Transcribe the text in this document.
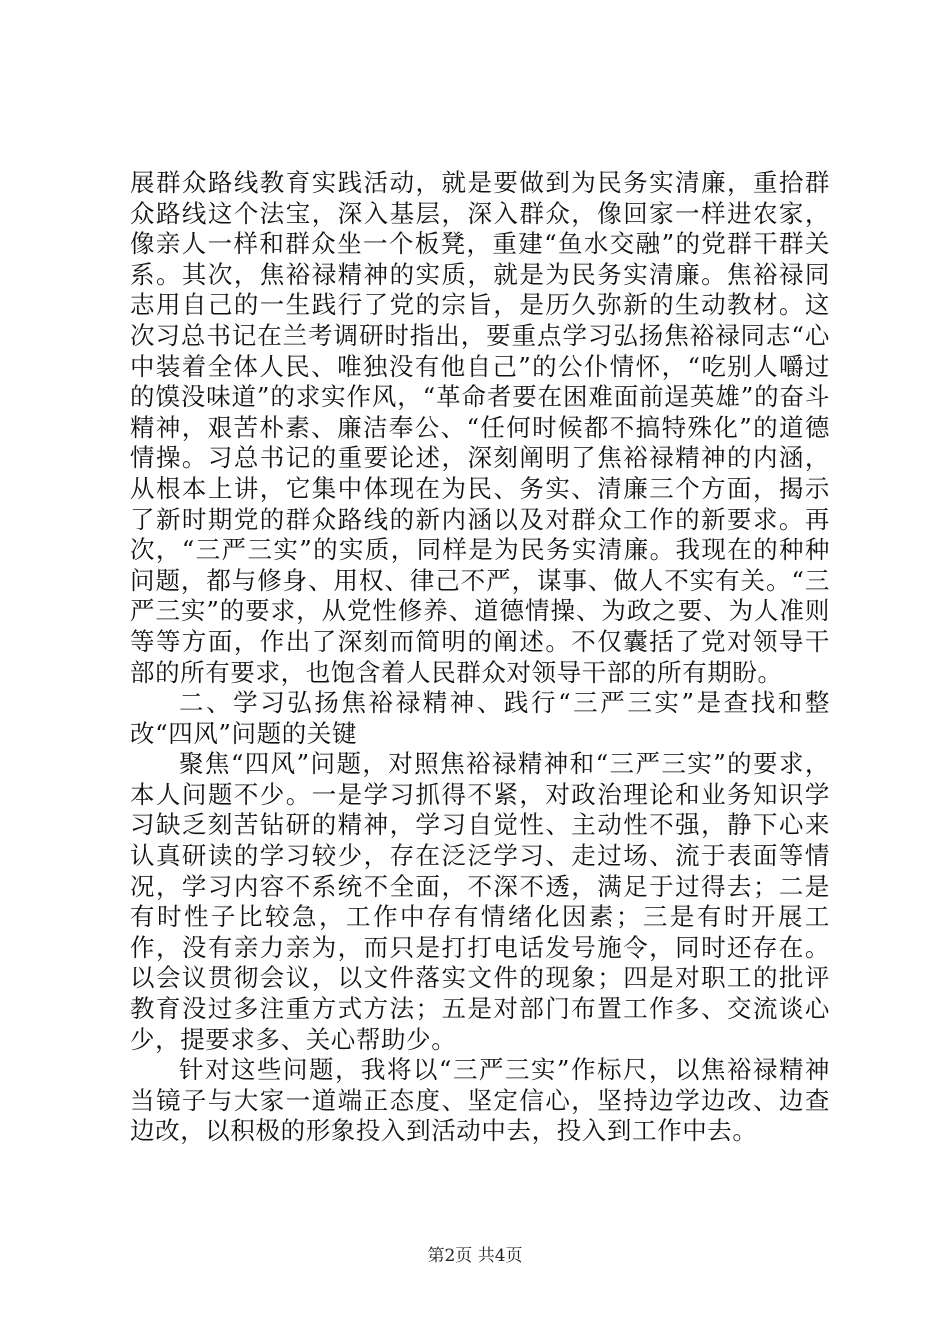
展群众路线教育实践活动，就是要做到为民务实清廉，重拾群众路线这个法宝，深入基层，深入群众，像回家一样进农家，像亲人一样和群众坐一个板凳，重建“鱼水交融”的党群干群关系。其次，焦裕禄精神的实质，就是为民务实清廉。焦裕禄同志用自己的一生践行了党的宗旨，是历久弥新的生动教材。这次习总书记在兰考调研时指出，要重点学习弘扬焦裕禄同志“心中装着全体人民、唯独没有他自己”的公仆情怀，“吃别人嚼过的馍没味道”的求实作风，“革命者要在困难面前逞英雄”的奋斗精神，艰苦朴素、廉洁奉公、“任何时候都不搞特殊化”的道德情操。习总书记的重要论述，深刻阐明了焦裕禄精神的内涵，从根本上讲，它集中体现在为民、务实、清廉三个方面，揭示了新时期党的群众路线的新内涵以及对群众工作的新要求。再次，“三严三实”的实质，同样是为民务实清廉。我现在的种种问题，都与修身、用权、律己不严，谋事、做人不实有关。“三严三实”的要求，从党性修养、道德情操、为政之要、为人准则等等方面，作出了深刻而简明的阐述。不仅囊括了党对领导干部的所有要求，也饱含着人民群众对领导干部的所有期盼。

二、学习弘扬焦裕禄精神、践行“三严三实”是查找和整改“四风”问题的关键

聚焦“四风”问题，对照焦裕禄精神和“三严三实”的要求，本人问题不少。一是学习抓得不紧，对政治理论和业务知识学习缺乏刻苦钻研的精神，学习自觉性、主动性不强，静下心来认真研读的学习较少，存在泛泛学习、走过场、流于表面等情况，学习内容不系统不全面，不深不透，满足于过得去；二是有时性子比较急，工作中存有情绪化因素；三是有时开展工作，没有亲力亲为，而只是打打电话发号施令，同时还存在。以会议贯彻会议，以文件落实文件的现象；四是对职工的批评教育没过多注重方式方法；五是对部门布置工作多、交流谈心少，提要求多、关心帮助少。

针对这些问题，我将以“三严三实”作标尺，以焦裕禄精神当镜子与大家一道端正态度、坚定信心，坚持边学边改、边查边改，以积极的形象投入到活动中去，投入到工作中去。

第2页 共4页
